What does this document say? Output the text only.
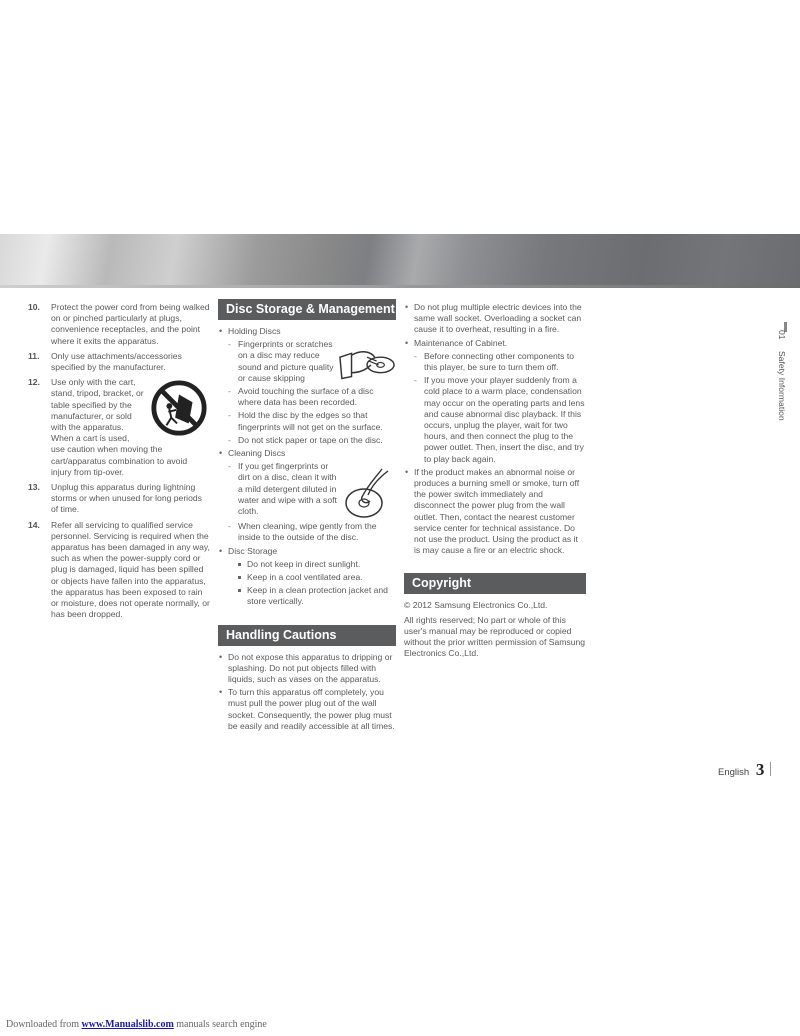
10. Protect the power cord from being walked on or pinched particularly at plugs, convenience receptacles, and the point where it exits the apparatus.
11. Only use attachments/accessories specified by the manufacturer.
12. Use only with the cart, stand, tripod, bracket, or table specified by the manufacturer, or sold with the apparatus. When a cart is used, use caution when moving the cart/apparatus combination to avoid injury from tip-over.
13. Unplug this apparatus during lightning storms or when unused for long periods of time.
14. Refer all servicing to qualified service personnel. Servicing is required when the apparatus has been damaged in any way, such as when the power-supply cord or plug is damaged, liquid has been spilled or objects have fallen into the apparatus, the apparatus has been exposed to rain or moisture, does not operate normally, or has been dropped.
Disc Storage & Management
• Holding Discs
- Fingerprints or scratches on a disc may reduce sound and picture quality or cause skipping
- Avoid touching the surface of a disc where data has been recorded.
- Hold the disc by the edges so that fingerprints will not get on the surface.
- Do not stick paper or tape on the disc.
• Cleaning Discs
- If you get fingerprints or dirt on a disc, clean it with a mild detergent diluted in water and wipe with a soft cloth.
- When cleaning, wipe gently from the inside to the outside of the disc.
• Disc Storage
Do not keep in direct sunlight.
Keep in a cool ventilated area.
Keep in a clean protection jacket and store vertically.
Handling Cautions
• Do not expose this apparatus to dripping or splashing. Do not put objects filled with liquids, such as vases on the apparatus.
• To turn this apparatus off completely, you must pull the power plug out of the wall socket. Consequently, the power plug must be easily and readily accessible at all times.
• Do not plug multiple electric devices into the same wall socket. Overloading a socket can cause it to overheat, resulting in a fire.
• Maintenance of Cabinet.
- Before connecting other components to this player, be sure to turn them off.
- If you move your player suddenly from a cold place to a warm place, condensation may occur on the operating parts and lens and cause abnormal disc playback. If this occurs, unplug the player, wait for two hours, and then connect the plug to the power outlet. Then, insert the disc, and try to play back again.
• If the product makes an abnormal noise or produces a burning smell or smoke, turn off the power switch immediately and disconnect the power plug from the wall outlet. Then, contact the nearest customer service center for technical assistance. Do not use the product. Using the product as it is may cause a fire or an electric shock.
Copyright

© 2012 Samsung Electronics Co.,Ltd.

All rights reserved; No part or whole of this user's manual may be reproduced or copied without the prior written permission of Samsung Electronics Co.,Ltd.

01 Safety Information
English 3
Downloaded from www.Manualslib.com manuals search engine
